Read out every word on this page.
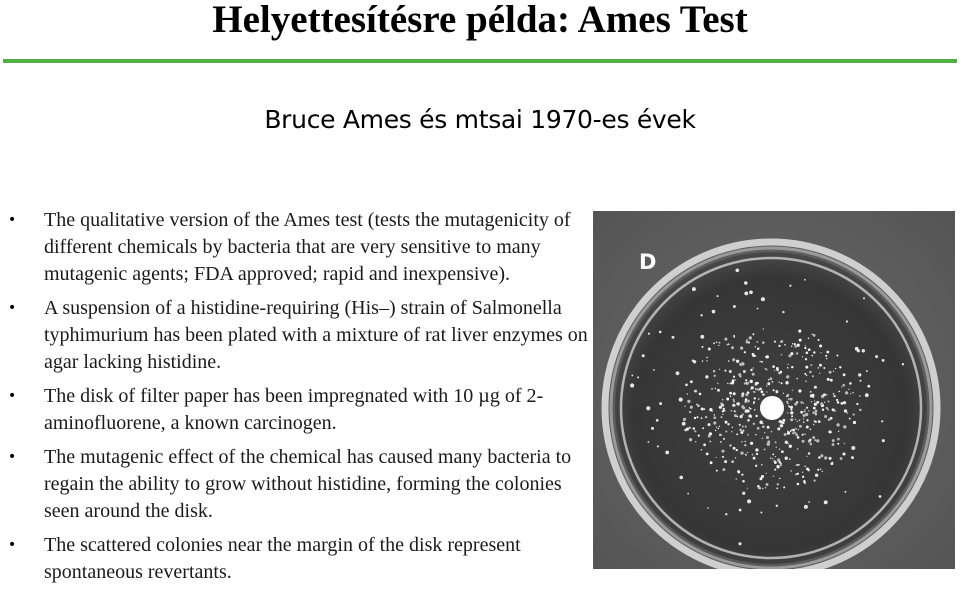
Helyettesítésre példa: Ames Test
Bruce Ames és mtsai 1970-es évek
• The qualitative version of the Ames test (tests the mutagenicity of different chemicals by bacteria that are very sensitive to many mutagenic agents; FDA approved; rapid and inexpensive).
• A suspension of a histidine-requiring (His–) strain of Salmonella typhimurium has been plated with a mixture of rat liver enzymes on agar lacking histidine.
• The disk of filter paper has been impregnated with 10 µg of 2-aminofluorene, a known carcinogen.
• The mutagenic effect of the chemical has caused many bacteria to regain the ability to grow without histidine, forming the colonies seen around the disk.
• The scattered colonies near the margin of the disk represent spontaneous revertants.
D
